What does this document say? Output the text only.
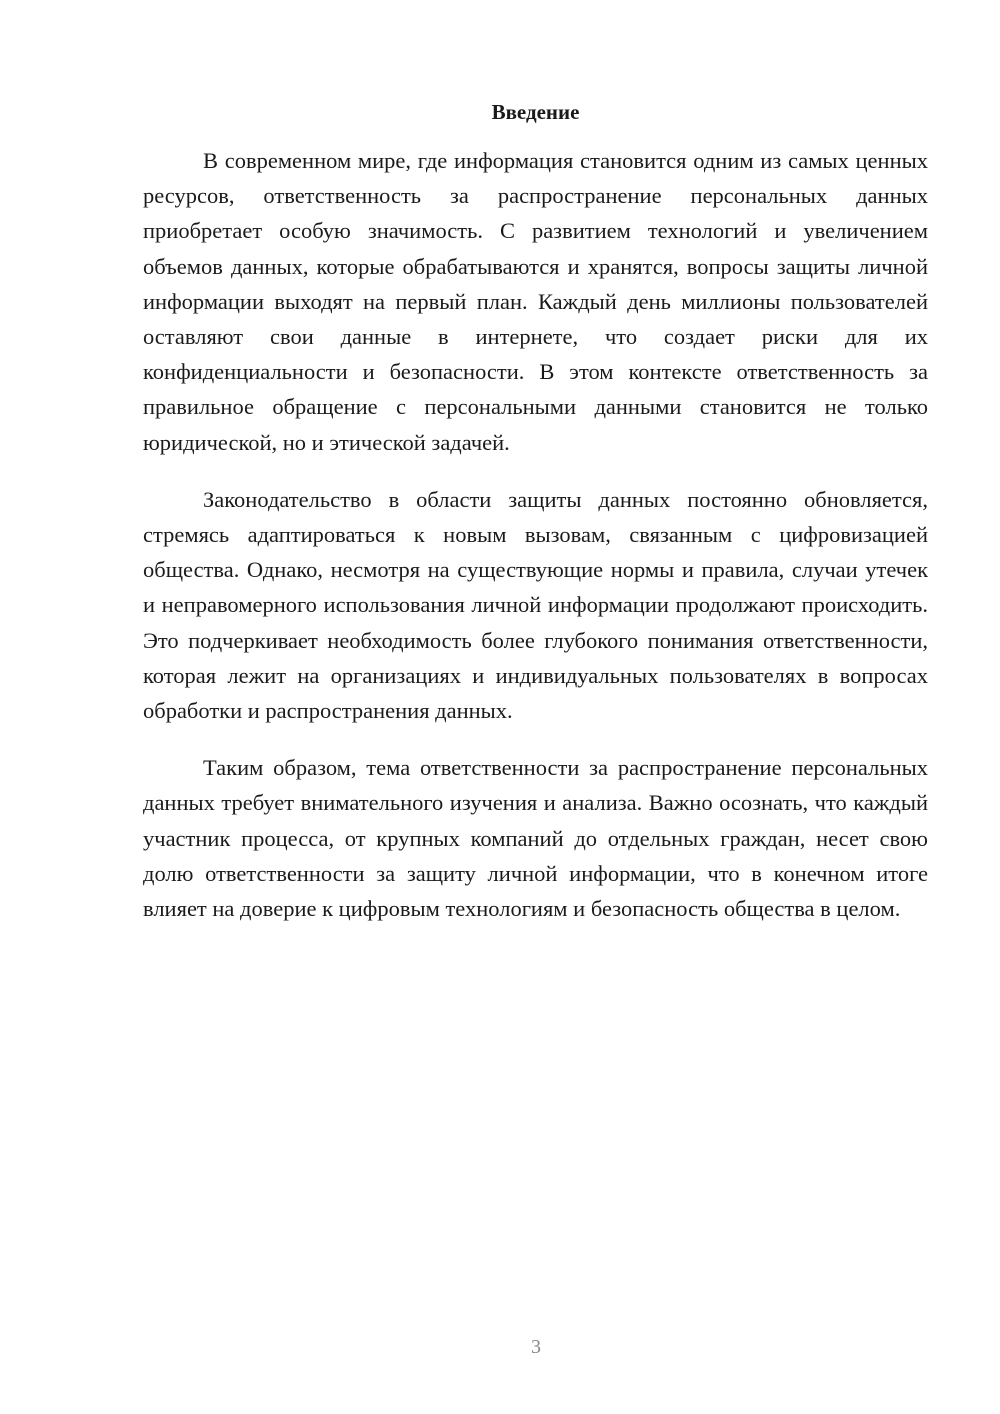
Введение

В современном мире, где информация становится одним из самых ценных ресурсов, ответственность за распространение персональных данных приобретает особую значимость. С развитием технологий и увеличением объемов данных, которые обрабатываются и хранятся, вопросы защиты личной информации выходят на первый план. Каждый день миллионы пользователей оставляют свои данные в интернете, что создает риски для их конфиденциальности и безопасности. В этом контексте ответственность за правильное обращение с персональными данными становится не только юридической, но и этической задачей.

Законодательство в области защиты данных постоянно обновляется, стремясь адаптироваться к новым вызовам, связанным с цифровизацией общества. Однако, несмотря на существующие нормы и правила, случаи утечек и неправомерного использования личной информации продолжают происходить. Это подчеркивает необходимость более глубокого понимания ответственности, которая лежит на организациях и индивидуальных пользователях в вопросах обработки и распространения данных.

Таким образом, тема ответственности за распространение персональных данных требует внимательного изучения и анализа. Важно осознать, что каждый участник процесса, от крупных компаний до отдельных граждан, несет свою долю ответственности за защиту личной информации, что в конечном итоге влияет на доверие к цифровым технологиям и безопасность общества в целом.

3
